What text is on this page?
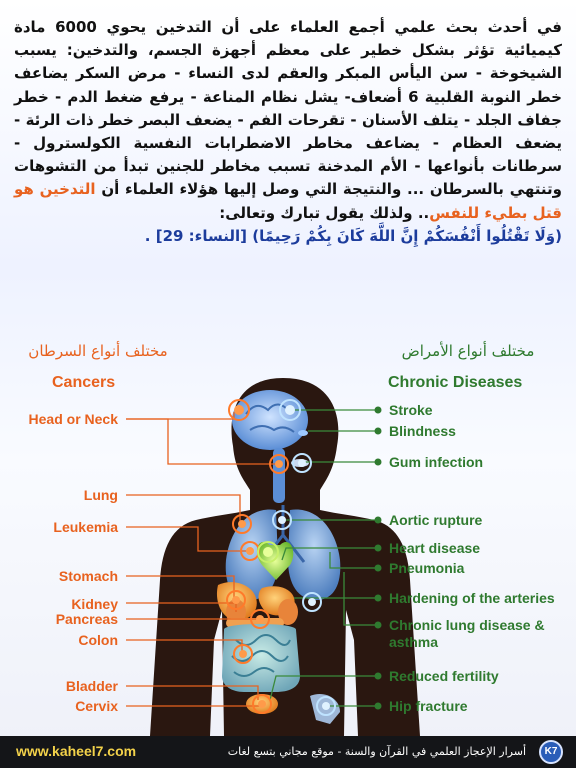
في أحدث بحث علمي أجمع العلماء على أن التدخين يحوي 6000 مادة كيميائية تؤثر بشكل خطير على معظم أجهزة الجسم، والتدخين: يسبب الشيخوخة - سن اليأس المبكر والعقم لدى النساء - مرض السكر يضاعف خطر النوبة القلبية 6 أضعاف- يشل نظام المناعة - يرفع ضغط الدم - خطر جفاف الجلد - يتلف الأسنان - تقرحات الفم - يضعف البصر خطر ذات الرئة - يضعف العظام - يضاعف مخاطر الاضطرابات النفسية الكولسترول - سرطانات بأنواعها - الأم المدخنة تسبب مخاطر للجنين تبدأ من التشوهات وتنتهي بالسرطان ... والنتيجة التي وصل إليها هؤلاء العلماء أن التدخين هو قتل بطيء للنفس.. ولذلك يقول تبارك وتعالى:
(وَلَا تَقْتُلُوا أَنْفُسَكُمْ إِنَّ اللَّهَ كَانَ بِكُمْ رَحِيمًا) [النساء: 29] .
مختلف أنواع السرطان
Cancers
مختلف أنواع الأمراض
Chronic Diseases
Head or Neck
Lung
Leukemia
Stomach
Kidney
Pancreas
Colon
Bladder
Cervix
Stroke
Blindness
Gum infection
Aortic rupture
Heart disease
Pneumonia
Hardening of the arteries
Chronic lung disease & asthma
Reduced fertility
Hip fracture
www.kaheel7.com	أسرار الإعجاز العلمي في القرآن والسنة - موقع مجاني بتسع لغات	K7
